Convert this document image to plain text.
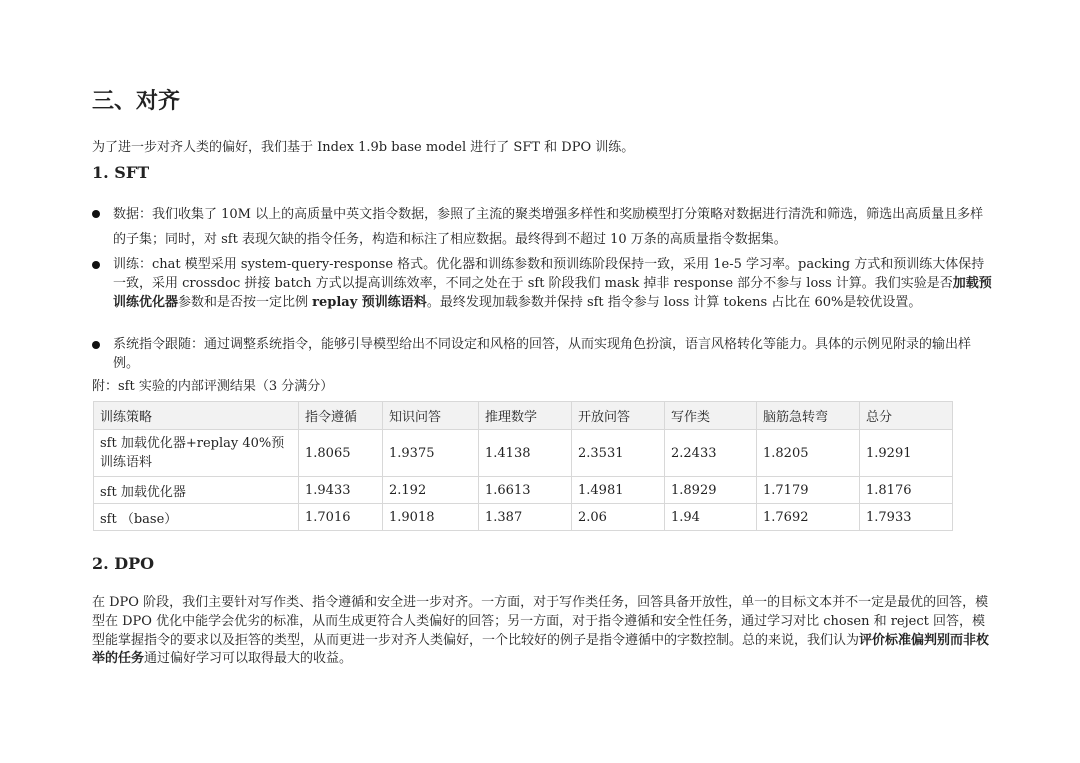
三、对齐

为了进一步对齐人类的偏好，我们基于 Index 1.9b base model 进行了 SFT 和 DPO 训练。

1. SFT
数据：我们收集了 10M 以上的高质量中英文指令数据，参照了主流的聚类增强多样性和奖励模型打分策略对数据进行清洗和筛选，筛选出高质量且多样的子集；同时，对 sft 表现欠缺的指令任务，构造和标注了相应数据。最终得到不超过 10 万条的高质量指令数据集。
训练：chat 模型采用 system-query-response 格式。优化器和训练参数和预训练阶段保持一致，采用 1e-5 学习率。packing 方式和预训练大体保持一致，采用 crossdoc 拼接 batch 方式以提高训练效率，不同之处在于 sft 阶段我们 mask 掉非 response 部分不参与 loss 计算。我们实验是否加载预训练优化器参数和是否按一定比例 replay 预训练语料。最终发现加载参数并保持 sft 指令参与 loss 计算 tokens 占比在 60%是较优设置。
系统指令跟随：通过调整系统指令，能够引导模型给出不同设定和风格的回答，从而实现角色扮演，语言风格转化等能力。具体的示例见附录的输出样例。

附：sft 实验的内部评测结果（3 分满分）

训练策略	指令遵循	知识问答	推理数学	开放问答	写作类	脑筋急转弯	总分
sft 加载优化器+replay 40%预训练语料	1.8065	1.9375	1.4138	2.3531	2.2433	1.8205	1.9291
sft 加载优化器	1.9433	2.192	1.6613	1.4981	1.8929	1.7179	1.8176
sft （base）	1.7016	1.9018	1.387	2.06	1.94	1.7692	1.7933
2. DPO

在 DPO 阶段，我们主要针对写作类、指令遵循和安全进一步对齐。一方面，对于写作类任务，回答具备开放性，单一的目标文本并不一定是最优的回答，模型在 DPO 优化中能学会优劣的标准，从而生成更符合人类偏好的回答；另一方面，对于指令遵循和安全性任务，通过学习对比 chosen 和 reject 回答，模型能掌握指令的要求以及拒答的类型，从而更进一步对齐人类偏好，一个比较好的例子是指令遵循中的字数控制。总的来说，我们认为评价标准偏判别而非枚举的任务通过偏好学习可以取得最大的收益。
